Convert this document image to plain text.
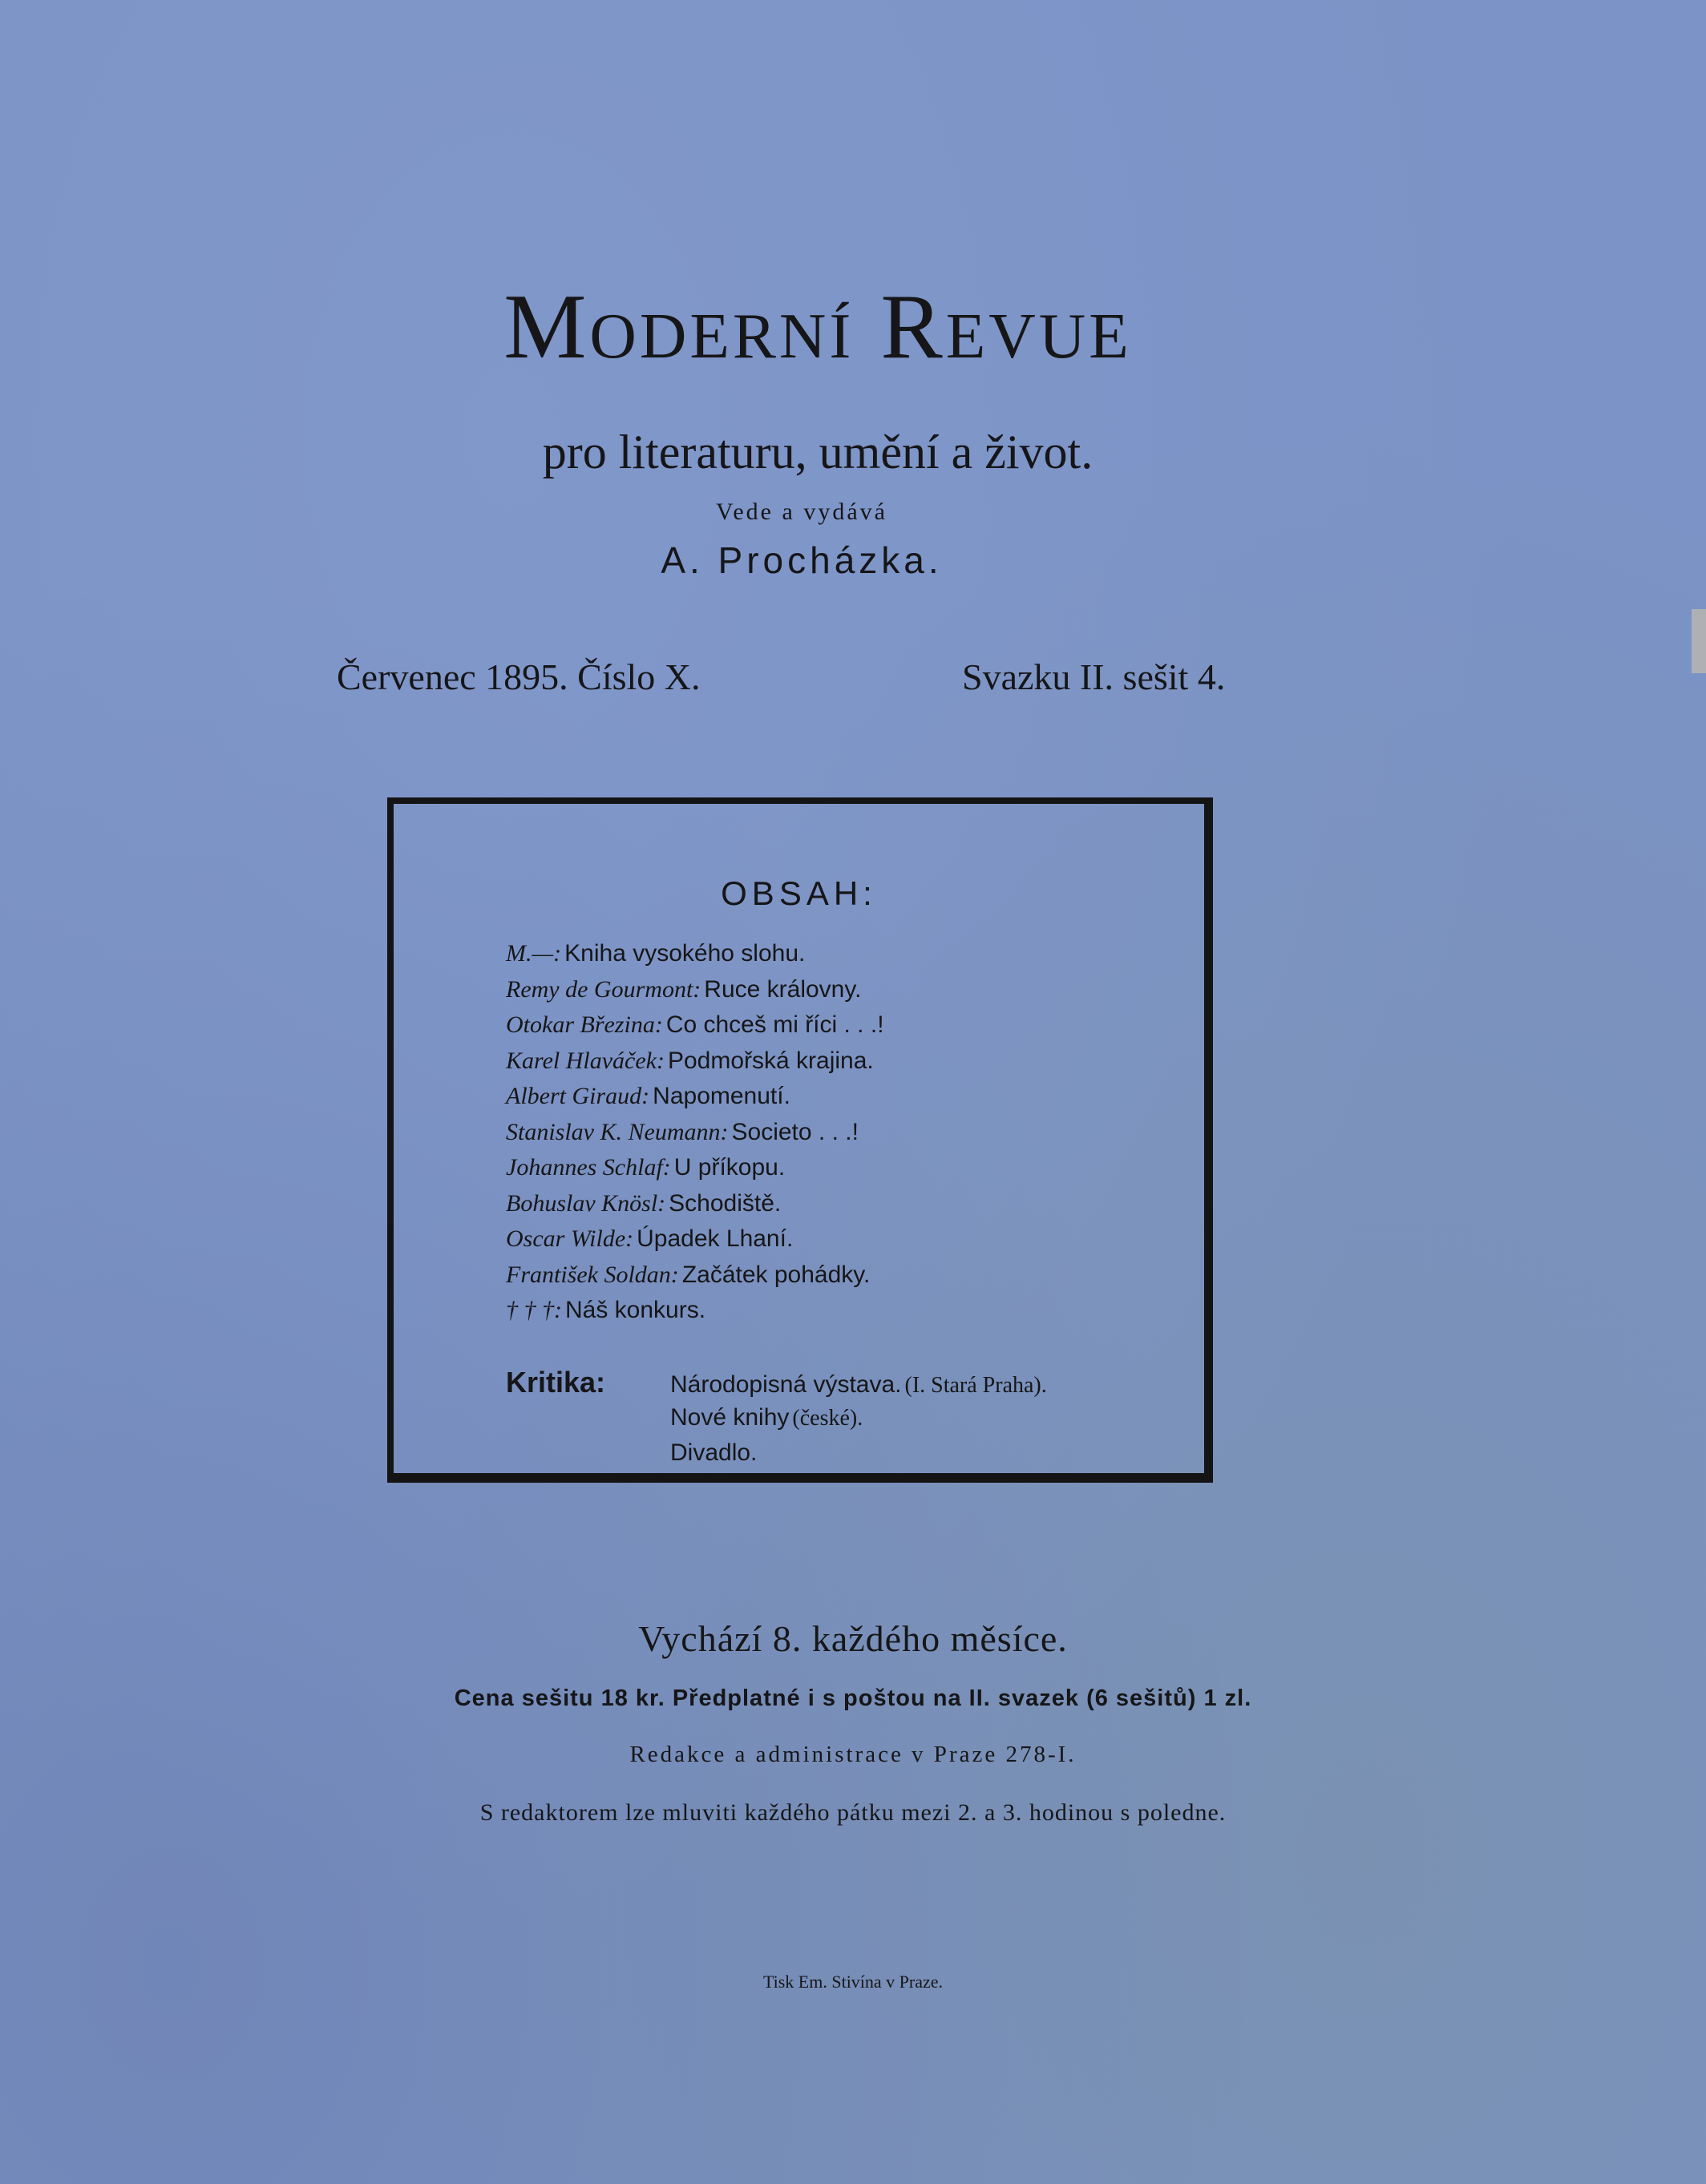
Moderní Revue
pro literaturu, umění a život.
Vede a vydává
A. Procházka.
Červenec 1895. Číslo X.	Svazku II. sešit 4.
OBSAH:
M.—: Kniha vysokého slohu.
Remy de Gourmont: Ruce královny.
Otokar Březina: Co chceš mi říci . . .!
Karel Hlaváček: Podmořská krajina.
Albert Giraud: Napomenutí.
Stanislav K. Neumann: Societo . . .!
Johannes Schlaf: U příkopu.
Bohuslav Knösl: Schodiště.
Oscar Wilde: Úpadek Lhaní.
František Soldan: Začátek pohádky.
† † †: Náš konkurs.
Kritika:	Národopisná výstava. (I. Stará Praha).
Nové knihy (české).
Divadlo.
Vychází 8. každého měsíce.
Cena sešitu 18 kr. Předplatné i s poštou na II. svazek (6 sešitů) 1 zl.
Redakce a administrace v Praze 278-I.
S redaktorem lze mluviti každého pátku mezi 2. a 3. hodinou s poledne.
Tisk Em. Stivína v Praze.
